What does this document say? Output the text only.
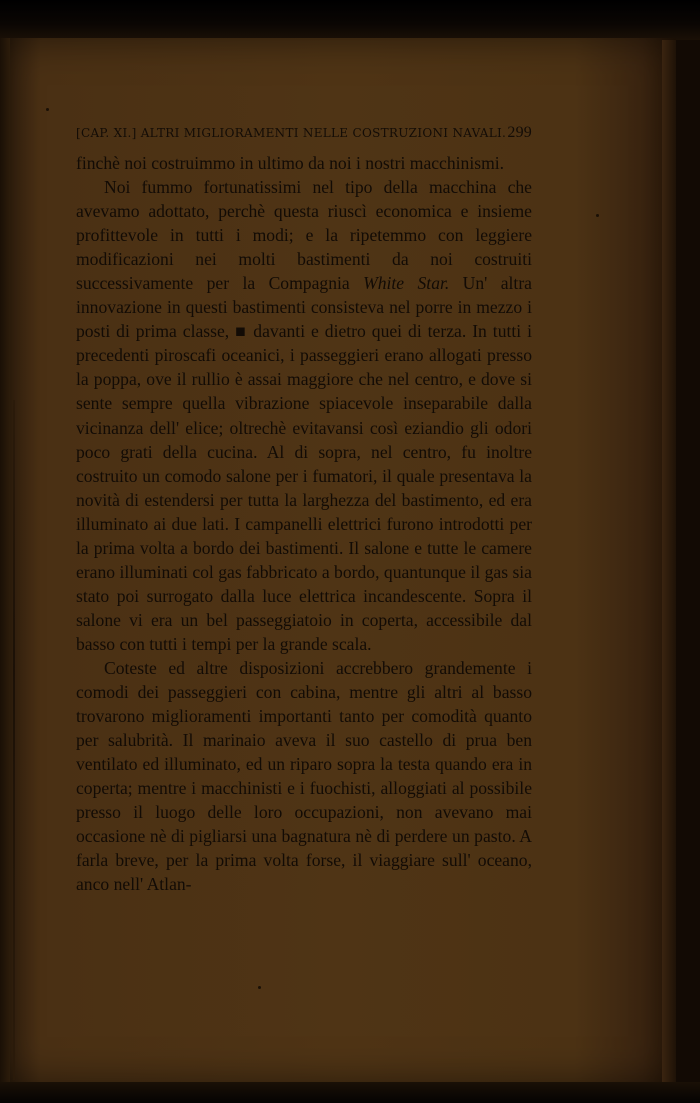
[CAP. XI.] ALTRI MIGLIORAMENTI NELLE COSTRUZIONI NAVALI. 299

finchè noi costruimmo in ultimo da noi i nostri macchinismi.

Noi fummo fortunatissimi nel tipo della macchina che avevamo adottato, perchè questa riuscì economica e insieme profittevole in tutti i modi; e la ripetemmo con leggiere modificazioni nei molti bastimenti da noi costruiti successivamente per la Compagnia White Star. Un' altra innovazione in questi bastimenti consisteva nel porre in mezzo i posti di prima classe, ■ davanti e dietro quei di terza. In tutti i precedenti piroscafi oceanici, i passeggieri erano allogati presso la poppa, ove il rullio è assai maggiore che nel centro, e dove si sente sempre quella vibrazione spiacevole inseparabile dalla vicinanza dell' elice; oltrechè evitavansi così eziandio gli odori poco grati della cucina. Al di sopra, nel centro, fu inoltre costruito un comodo salone per i fumatori, il quale presentava la novità di estendersi per tutta la larghezza del bastimento, ed era illuminato ai due lati. I campanelli elettrici furono introdotti per la prima volta a bordo dei bastimenti. Il salone e tutte le camere erano illuminati col gas fabbricato a bordo, quantunque il gas sia stato poi surrogato dalla luce elettrica incandescente. Sopra il salone vi era un bel passeggiatoio in coperta, accessibile dal basso con tutti i tempi per la grande scala.

Coteste ed altre disposizioni accrebbero grandemente i comodi dei passeggieri con cabina, mentre gli altri al basso trovarono miglioramenti importanti tanto per comodità quanto per salubrità. Il marinaio aveva il suo castello di prua ben ventilato ed illuminato, ed un riparo sopra la testa quando era in coperta; mentre i macchinisti e i fuochisti, alloggiati al possibile presso il luogo delle loro occupazioni, non avevano mai occasione nè di pigliarsi una bagnatura nè di perdere un pasto. A farla breve, per la prima volta forse, il viaggiare sull' oceano, anco nell' Atlan-
